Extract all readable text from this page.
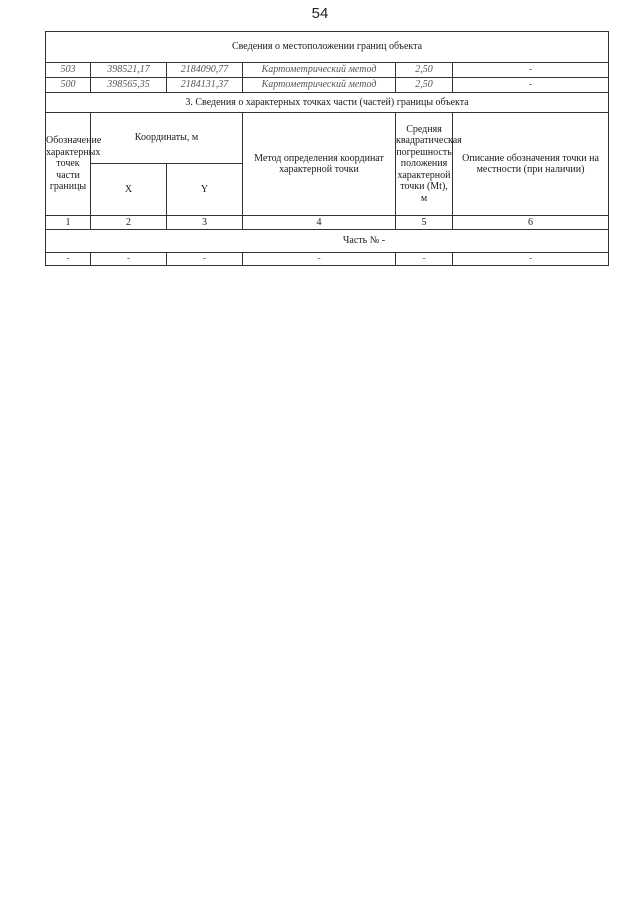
54
Сведения о местоположении границ объекта					
503	398521,17	2184090,77	Картометрический метод	2,50	-
500	398565,35	2184131,37	Картометрический метод	2,50	-
3. Сведения о характерных точках части (частей) границы объекта					
Обозначение характерных точек части границы	Координаты, м		Метод определения координат характерной точки	Средняя квадратическая погрешность положения характерной точки (Mt), м	Описание обозначения точки на местности (при наличии)
	X	Y			
1	2	3	4	5	6
Часть № -					
-	-	-	-	-	-
